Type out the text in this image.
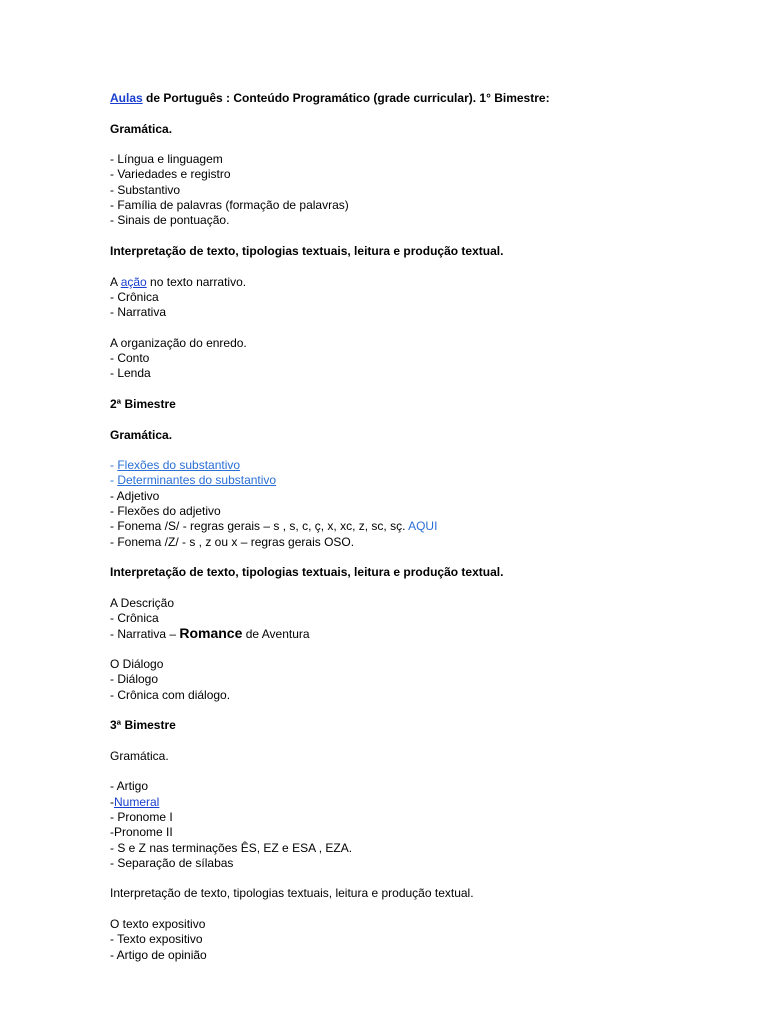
Aulas de Português : Conteúdo Programático (grade curricular). 1° Bimestre:
Gramática.
- Língua e linguagem
- Variedades e registro
- Substantivo
- Família de palavras (formação de palavras)
- Sinais de pontuação.
Interpretação de texto, tipologias textuais, leitura e produção textual.
A ação no texto narrativo.
- Crônica
- Narrativa
A organização do enredo.
- Conto
- Lenda
2ª Bimestre
Gramática.
- Flexões do substantivo
- Determinantes do substantivo
- Adjetivo
- Flexões do adjetivo
- Fonema /S/ - regras gerais – s , s, c, ç, x, xc, z, sc, sç. AQUI
- Fonema /Z/ - s , z ou x – regras gerais OSO.
Interpretação de texto, tipologias textuais, leitura e produção textual.
A Descrição
- Crônica
- Narrativa – Romance de Aventura
O Diálogo
- Diálogo
- Crônica com diálogo.
3ª Bimestre
Gramática.
- Artigo
-Numeral
- Pronome I
-Pronome II
- S e Z nas terminações ÊS, EZ e ESA , EZA.
- Separação de sílabas
Interpretação de texto, tipologias textuais, leitura e produção textual.
O texto expositivo
- Texto expositivo
- Artigo de opinião
